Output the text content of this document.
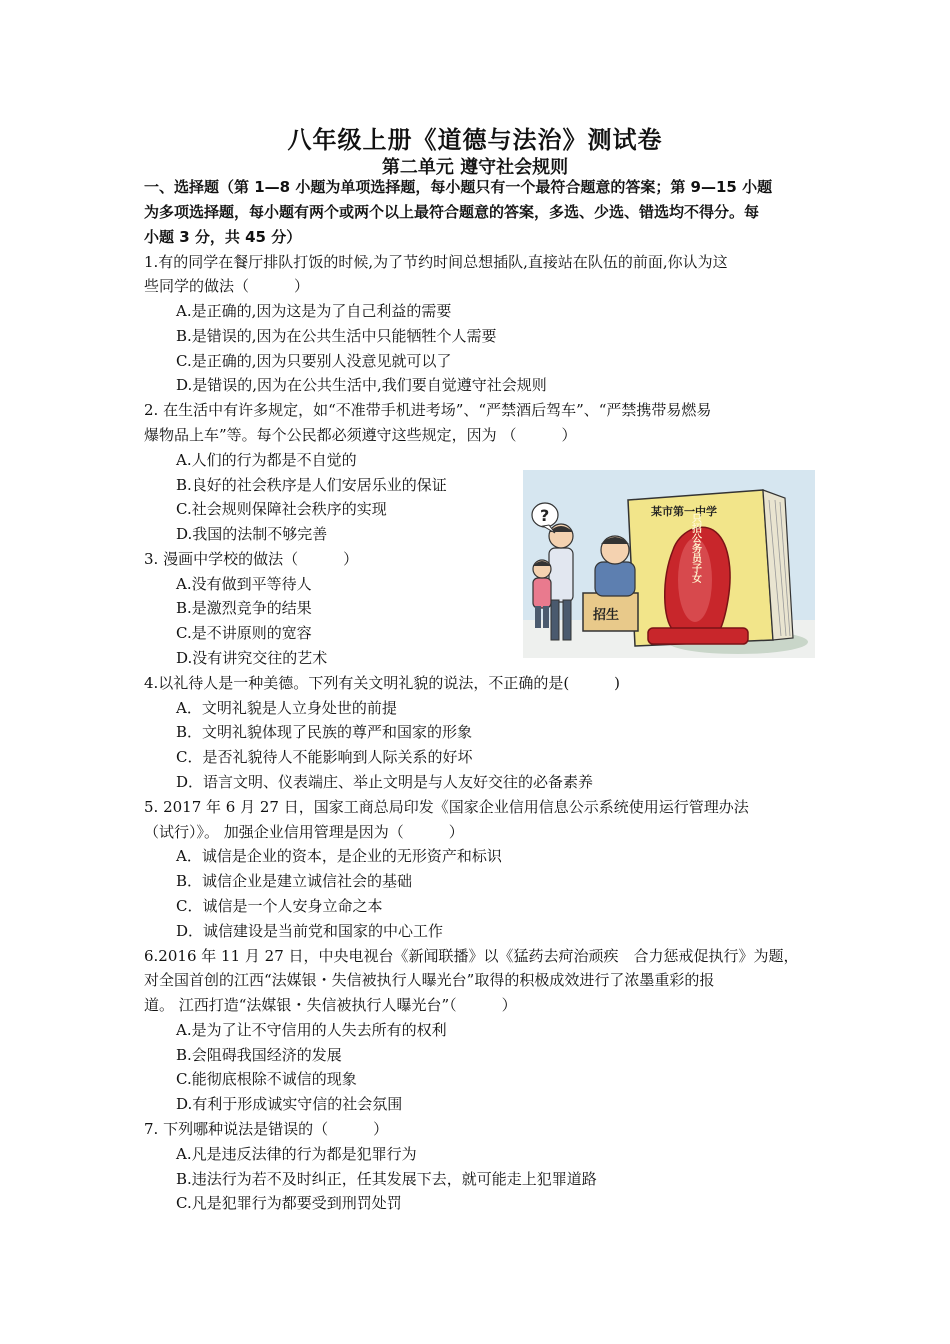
八年级上册《道德与法治》测试卷
第二单元 遵守社会规则
一、选择题（第 1—8 小题为单项选择题，每小题只有一个最符合题意的答案；第 9—15 小题
为多项选择题，每小题有两个或两个以上最符合题意的答案，多选、少选、错选均不得分。每
小题 3 分，共 45 分）
1.有的同学在餐厅排队打饭的时候,为了节约时间总想插队,直接站在队伍的前面,你认为这
些同学的做法（　　　）
A.是正确的,因为这是为了自己利益的需要
B.是错误的,因为在公共生活中只能牺牲个人需要
C.是正确的,因为只要别人没意见就可以了
D.是错误的,因为在公共生活中,我们要自觉遵守社会规则
2. 在生活中有许多规定，如“不准带手机进考场”、“严禁酒后驾车”、“严禁携带易燃易
爆物品上车”等。每个公民都必须遵守这些规定，因为 （　　　）
A.人们的行为都是不自觉的
B.良好的社会秩序是人们安居乐业的保证
C.社会规则保障社会秩序的实现
D.我国的法制不够完善
3. 漫画中学校的做法（　　　）
A.没有做到平等待人
B.是激烈竞争的结果
C.是不讲原则的宽容
D.没有讲究交往的艺术
某市第一中学
只招公务员子女
招生
?
4.以礼待人是一种美德。下列有关文明礼貌的说法，不正确的是(　　　)
A．文明礼貌是人立身处世的前提
B．文明礼貌体现了民族的尊严和国家的形象
C．是否礼貌待人不能影响到人际关系的好坏
D．语言文明、仪表端庄、举止文明是与人友好交往的必备素养
5. 2017 年 6 月 27 日，国家工商总局印发《国家企业信用信息公示系统使用运行管理办法
（试行）》。 加强企业信用管理是因为（　　　）
A．诚信是企业的资本，是企业的无形资产和标识
B．诚信企业是建立诚信社会的基础
C．诚信是一个人安身立命之本
D．诚信建设是当前党和国家的中心工作
6.2016 年 11 月 27 日，中央电视台《新闻联播》以《猛药去疴治顽疾　合力惩戒促执行》为题，
对全国首创的江西“法媒银・失信被执行人曝光台”取得的积极成效进行了浓墨重彩的报
道。 江西打造“法媒银・失信被执行人曝光台”（　　　）
A.是为了让不守信用的人失去所有的权利
B.会阻碍我国经济的发展
C.能彻底根除不诚信的现象
D.有利于形成诚实守信的社会氛围
7. 下列哪种说法是错误的（　　　）
A.凡是违反法律的行为都是犯罪行为
B.违法行为若不及时纠正，任其发展下去，就可能走上犯罪道路
C.凡是犯罪行为都要受到刑罚处罚
